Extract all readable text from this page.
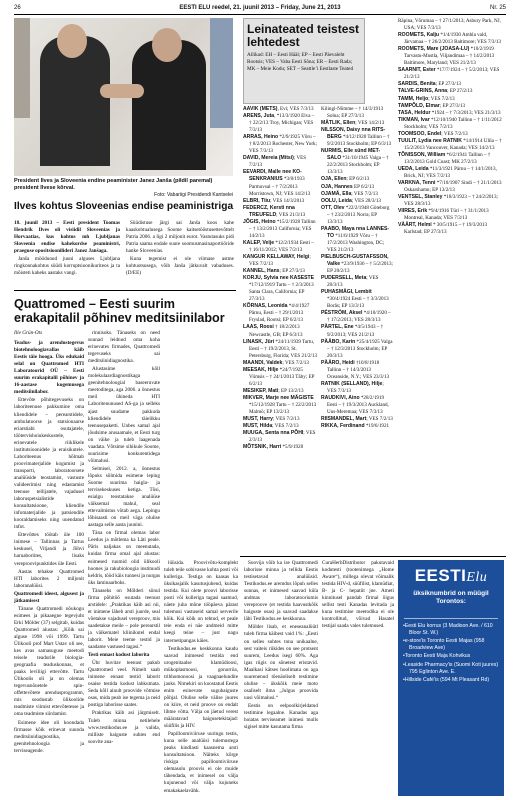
26	EESTI ELU reedel, 21. juunil 2013 – Friday, June 21, 2013	Nr. 25
President Ilves ja Sloveenia endine peaminister Janez Janša (pildil paremal) president Ilvese kõrval.
Foto: Vabariigi Presidendi Kantselei
Ilves kohtus Sloveenias endise peaministriga

18. juunil 2013 – Eesti president Toomas Hendrik Ilves oli visiidil Sloveenias ja Horvaatias, kus kohtus mh Ljubljanas Sloveenia endise kahekordse peaministri, praeguse opositsioonilideri Janez Janšaga.

Janša möödunud juuni alguses Ljubljana ringkonnakohtus süüdi korruptsioonikuriteos ja ta mõisteti kaheks aastaks vangi.

Süüdistuse järgi sai Janša koos kahe kaaskohtualusega Soome kaitsetööstusettevõttelt Patria 2006. a ligi 2 miljonit eurot. Vastutasuks pidi Patria saama endale suure soomusmasinaportööride hanke Sloveenias.

Kuna tegemist ei ole viimase astme kohtuotsusega, võib Janša jätkuvalt vabaduses. (D/EE)

Quattromed – Eesti suurim erakapitalil põhinev meditsiinilabor

Ille Grün-Ots

Teadus- ja arendustegevus biotehnoloogiavallas käib Eestis täie hooga. Üks edukaid selal on Quattromed HTI Laboratoorid OÜ – Eesti suurim erakapitalil põhinev ja 16-aastase kogemusega meditsiinilabor.

Ettevõte põhitegevuseks on laboriteenuse pakkumine oma kliendidele – perearstidele, ambulatoorse ja statsionaarse eriarstiabi osutajatele, töötervishoiukeskustele, erinevatele riiklikele institutsioonidele ja eraisikutele. Laboriteenus hõlmab proovimaterjalide kogumist ja transporti, laboratoorsete analüüside teostamist, vastuste valideerimist ning edastamist teenuse tellijatele, vajadusel laboruspetsialistide konsultatsioone, kliendile infomaterjalide ja patsiendile kooraldamiseks ning uuendatud infot.

Ettevõttes töötab üle 100 inimese – Tallinnas ja Tartus keskusel, Viljandi ja Jõhvi haruaboriites, lisaks vereproovipunktides üle Eesti.

Aastas tehakse Quattromed HTI laborites 2 miljonit laboranalüüsi.

Quattromedi ideest, algusest ja jätkamisest

Tänane Quattromedi nõukogu esimees ja pikaaegne tegevjuht Erki Mölder (37) selgitab, kuidas Quattromed alustas: „Kõik sai alguse 1998 või 1999. Tartu Ülikooli prof Mart Ustav oli see, kes avas samasuguse meetodi teisele teadurile biologia-geograafia teaduskonnas, et paaks leviliigi ettevõtte. Tartu Ülikoolis oli ja on olemas tegevusnõuetele spin-offettevõtete arendusprogramm, mis soodustab ülikoolide teadmiste viimist ettevõtetesse ja oma teadmiste siirdamist.

Esimene idee oli koondada firmasse kõik erinevat suunda meditsiinidiagnostika, geenitehnoloogia ja terviseagende.

rinnisoks. Tänaseks on need suunad leidnud oma koha erinevates firmades, Quattromedi tegevuseks sai meditsiinidiagnostika.

Alustasime kõll molekulaardiagnostikaga geenitehnoloogial baseeruvate meetoditega, aga 2006. a õnnestus meil ühineda HTI Laboritenunused AS-ga ja selleks ajast suudame pakkuda kliendidele täielikku teenusepaketti. Unbes samal ajal jõudsime arusaamale, et Eesti turg on väike ja tuleb laagenada vaadata. Võtsime sihikule Soome, suurisime konkurentidega võimalusi.

Selmisel, 2012. a, õnnestus lõpuks sõlmida esimene leping Soome suurima haigla- ja tervisekeskuses ketiga. Tõsi, esialgu teostatakse analüüse väiksemal mahul, seal ettevalmistus võtab aega. Lepingu lõbisaasti on meil väga olulise aastaga selle aasta juunini.

Täna on firmal olemas labor Leedus ja mõtlema ka Läti peale. Päris naljakas on meenutada, kuidas firma omal ajal alustas: esimesed ruumid olid ülikooli hoones ja rakubioloogia instituudi keldris, tööd käis tunnesi ja nurgas üks laminaarboks.

Tänaseks on Mölderi sõnul firma põhitöö osutada teenust arstidele: „Praktikas käib asi nii, et inimene läheb arsti juurde, seal võetakse vajadusel vereproov, mis saadetakse meile – pole perearstil ja väikematel kliinikutel endal laborit. Meie teeme testid ja saadame vastused tagasi.“

Testi ennast kodust laborita

Üht huvitav teenust pakub Quattromed veel. Nimelt saab inimene ennast testid laborit osaise testida kodust lahkumata. Seda kõll ainult proovide võtmise osas, mida peab ise tegema ja neid postiga laborisse saates.

Praktikas käib asi järgmiselt. Tuleb minna netilehele www.testikodus.ee ja valida, milliste haiguste suhtes end soovite ana-

lüüsida. Proovivõtu-komplekt tuleb teile sobivasse kohta posti või kulleriga. Testiga on kaasas ka üksikasjalik kasutusjuhend, kuidas testida. Kui olete proovi laborisse posti või kulleriga tagasi saatnud, näete juba mõne tööpäeva pärast tulemusi vastuseid samal serverile kõik. Kui kõik on tehtud, et peale teie enda ei näe andmeid mitte keegi teine – just nagu internetipangas käies.

Testikodus.ee keskkonna kaudu saavad inimesed testida end urogenitaalse klamüdioosi, mükoplasmoosi, gonorröa, trihhomonoosi ja vaagnaelundite jaoks. Nimekiri on koostatud Eestis enim esinevate suguhaiguste põhjal. Olulise selle välise juures on kiire, et neid proove on endalt lihtne võtta. Välja on jäetud verest määratavad haigusetekitajad: süüfilis ja HIV.

Papilloomiviiruse uuringu testis, kuna selle analüüsi tulemustega peaks kindlasti kaasnema arsti konsultatsioon. Näiteks kõrge riskiga papilloomiviiruse olemasolu proovis ei ole muide tähendada, et inimesel on välja kujunenud või välja kujuneks emakakaelavähk.

Soovija võib ka ise Quattromedi laborisse minna ja tellida Eestis testisetavad analüüsid. Testikodus.ee aremdus lõpuh selles sunnas, et inimesed saavad küla andmas laboratooriumis vereproove (et testida haavustkõik haiguste osas) ja saavad saadakse läbi Testikodus.ee keskkonna.

Mölder lisab, et eneseanalüütl tuleb firma käibest vaid 1%: „Eesti on selles suhtes tona unikaalne, sest vaiteis riikides on see protsent suurem, Leedus isegi 60%. Aga igas riigis on sõnetest eristavid. Maalkasi kätses hoolimata on aga suurenenud tõenäoliselt testimine olulise – ükskõik meie moto osaliselt ilma „Julgus proovida uusi võimalusi.“

Eestis on eelpoolkirjeldatud testimine legaalne. Kanadas aga hoiatas terviseamet inimesi mulls sigisel mitte kasutama firma

CuraHerbDistributor pakutavaid kodutesti (tootenimega „Home Aware“), millega olevat võimalik testida HIV-d, süüfilist, klamüdiat, B- ja C- hepatiit jne. Ameti kinnitusel pandab firmal õigus sellist testi Kanadas levitada ja kuna testimise meetodika ei ole kontrollitud, võivad Hasatel testijal saada vales tulemused.

Leinateated teistest lehtedest
Allikad: EH – Eesti Hääl; EP – Eesti Päevaleht Rootsis; VES – Vaba Eesti Sõna; ER – Eesti Rada; MK – Meie Kodu; SET – Seattle’i Eestlaste Teated
AAVIK (METS), Evi; VES 7/3/13
ARENS, Juta, *13/3/1920 Elva – † 22/2/13 Troy, Michigan; VES 7/3/13
ARRAS, Heino *2/9/1925 Võru – † 8/2/2013 Rochester, New York; VES 7/3/13
DAVID, Mereia (Mitsi); VES 7/2/13
EEVARDI, Malle nee KO-SENKRANIUS *3/8/1933 Parmuvsal – † 7/2/2013 Morristown, NJ; VES 14/2/13
ELBRI, Tiiu; VES 14/3/2013
FEDERCZ, Kersti nna TREUFELD; VES 21/3/13
JÕGIS, Heino *15/2/1928 Tallinn – † 13/2/2013 California; VES 14/2/13
KALEP, Velje *12/2/1934 Eesti – † 16/11/2012; VES 7/2/13
KANGUR KELLAWAY, Helgi; VES 7/2/13
KANNEL, Hans; EP 27/3/13
KORJU, Sylvia nee KASESTE *17/12/1919 Tartu – † 2/3/2013 Santa Clara, California; EP 27/3/13
KÕRNAS, Leonida *4/4/1927 Pärnu, Eesti – † 29/1/2013 Fryslad, Rootsi; EP 6/2/13
LAAS, Roosi † 18/2/2013 Newcastle, GB; EP 6/3/13
LINASK, Jüri *24/11/1939 Tartu, Eesti – † 19/2/2013, St. Petersburg, Florida; VES 21/2/13
MAANDI, Valdek; VES 7/2/13
MEESAK, Hilje *24/7/1925 Viimsis – † 24/1/2013 Täby; EP 6/2/13
MESIKEP, Mati; EP 13/2/13
MIKVER, Marje nee MÄGISTE *15/12/1928 Tartu – † 22/2/2013 Malmö; EP 13/2/13
MUST, Harry; VES 7/2/13
MUST, Hilda; VES 7/2/13
MUUGA, Senta nna PÕHI; VES 2/3/13
MÕTSNIK, Harri *5/9/1928
Kilingi-Nõmme – † 14/3/1913 Solna; EP 27/3/13
MÄTLIK, Ellen; VES 14/2/13
NILSSON, Daisy nna RITS-BERG *4/12/1928 Tallinn – † 9/2/2013 Stockholm; EP 6/3/13
NURMIS, Elle sünd MET-SALO *31/10/1945 Valga – † 22/2/2013 Stockholm; EP 13/3/13
OJA, Ellen; EP 6/2/13
OJA, Hannes EP 6/2/13
OJAMÄ, Ella; VES 7/2/13
OOLU, Leida; VES 28/3/13
OTT, Olev *22/2/1948 Göteborg – † 23/2/2013 Norra; EP 13/3/13
PAABO, Maya nna LANNES-TO *11/6/1929 Võru – † 17/2/2013 Washington, DC; VES 21/2/13
PIELBUSCH-GUSTAFSSON, Valke *23/9/1936 – † 5/2/2013; EP 20/2/13
PUDERSELL, Meta; VES 28/3/13
PUHASMÄGI, Lembit *30/4/1924 Eesti – † 3/3/2013 Borås; EP 13/3/13
PÉSTRÓM, Aksel *4/10/1920 – † 17/2/2013; VES 28/3/13
PÄRTEL, Ene *4/5/1943 – † 9/2/2013; VES 21/2/13
PÄÄBO, Karin *25/4/1925 Valga – † 12/3/2013 Stockholm; EP 20/3/13
PÄÄRO, Heidi †10/8/1918 Tallinn – † 14/3/2013 Oceanside, N.Y.; VES 23/3/13
RATNIK (SELLAND), Hilje; VES 7/3/13
RAUDKIVI, Aino *28/2/1919 Eesti – † 19/3/2013 Auckland, Uus-Meremaa; VES 7/3/13
RIISMANDEL, Mart; VES 7/2/13
RIKKA, Ferdinand *19/6/1921
Räpina, Võrumaa – † 27/1/2013; Asbury Park, NJ, USA; VES 7/3/13
ROOMETS, Kalju *1/4/1930 Ambla vald, Järvamaa – † 26/2/2013 Baltimore; VES 7/3/13
ROOMETS, Mare (JOASA-LU) *10/2/1919 Tarvastu-Mustla, Viljandimaa – † 14/2/2013 Baltimore, Maryland; VES 21/2/13
SAARNIT, Ester *17/7/1924 – † 5/2/2013; VES 21/2/13
SARDIS, Benita; EP 27/3/13
TALVE-GRINS, Anna; EP 27/2/13
TAMM, Heljo; VES 7/2/13
TAMPÕLD, Elmar; EP 27/3/13
TASA, Heldur *1924 – † 7/3/2013; VES 21/3/13
TIKMAN, Ivar *12/10/1940 Tallinn – † 1/11/2012 Stockholm; VES 7/2/13
TOOMSOO, Endel; VES 7/2/13
TUULIT, Lydia nee RATNIK *14/1914 Ulila – † 15/2/2013 Vancouver, Kanada; VES 14/2/13
TÕNISSON, William *6/2/1941 Tallinn – † 13/2/2013 Gold Coast; MK 27/2/13
UEDA, Leida *11/3/1921 Pärnu – † 14/1/2013, Brick, NJ; VES 7/2/13
VARKNA, Tenni *7/10/1907 Sindi – † 21/1/2013 Oskarshamn; EP 13/2/13
VENTSEL, Stanley *18/3/1923 – † 24/2/2013; VES 28/3/13
VIIRES, Erik *9/4/1916 Türi – † 31/1/2013 Montreal, Kanada; VES 7/3/13
VÄÄRT, Helmi * 30/5/1915 – † 19/3/2013 Karlstad; EP 27/3/13
EESTIElu
üksiknumbrid on müügil Torontos:
• Eesti Elu korrus (3 Madison Ave. / 610 Bloor St. W.)
• e-store'is Toronto Eesti Majas (958 Broadview Ave)
• Toronto Eesti Maja Kohvikus
• Leaside Pharmacy'is (Suomi Koti juures) 795 Eglinton Ave. E.
• Hillside Café'is (594 Mt Pleasant Rd)
